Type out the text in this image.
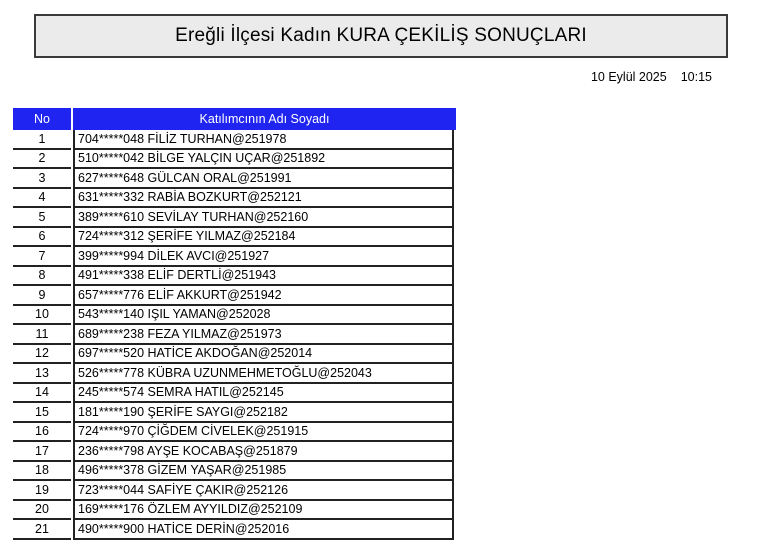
Ereğli İlçesi Kadın KURA ÇEKİLİŞ SONUÇLARI
10 Eylül 2025 10:15
No	Katılımcının Adı Soyadı
1	704*****048 FİLİZ TURHAN@251978
2	510*****042 BİLGE YALÇIN UÇAR@251892
3	627*****648 GÜLCAN ORAL@251991
4	631*****332 RABİA BOZKURT@252121
5	389*****610 SEVİLAY TURHAN@252160
6	724*****312 ŞERİFE YILMAZ@252184
7	399*****994 DİLEK AVCI@251927
8	491*****338 ELİF DERTLİ@251943
9	657*****776 ELİF AKKURT@251942
10	543*****140 IŞIL YAMAN@252028
11	689*****238 FEZA YILMAZ@251973
12	697*****520 HATİCE AKDOĞAN@252014
13	526*****778 KÜBRA UZUNMEHMETOĞLU@252043
14	245*****574 SEMRA HATIL@252145
15	181*****190 ŞERİFE SAYGI@252182
16	724*****970 ÇİĞDEM CİVELEK@251915
17	236*****798 AYŞE KOCABAŞ@251879
18	496*****378 GİZEM YAŞAR@251985
19	723*****044 SAFİYE ÇAKIR@252126
20	169*****176 ÖZLEM AYYILDIZ@252109
21	490*****900 HATİCE DERİN@252016
